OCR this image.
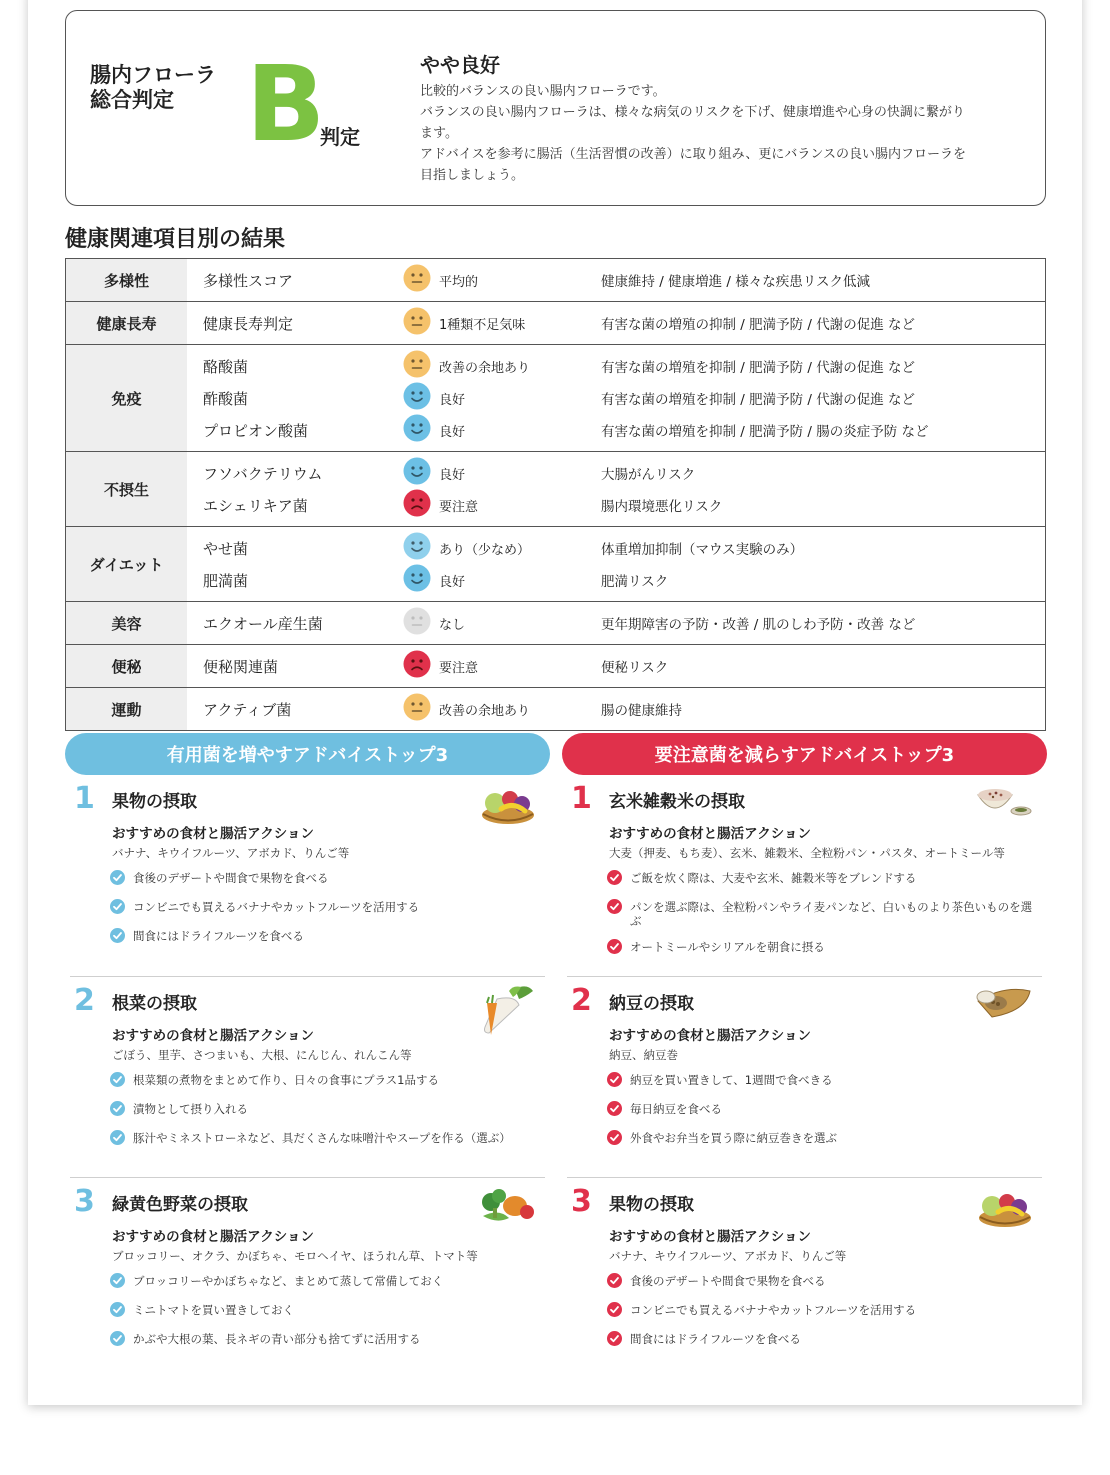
腸内フローラ
総合判定 B
判定
やや良好
比較的バランスの良い腸内フローラです。
バランスの良い腸内フローラは、様々な病気のリスクを下げ、健康増進や心身の快調に繋がり
ます。
アドバイスを参考に腸活（生活習慣の改善）に取り組み、更にバランスの良い腸内フローラを
目指しましょう。
健康関連項目別の結果
多様性	多様性スコア	平均的	健康維持 / 健康増進 / 様々な疾患リスク低減
健康長寿	健康長寿判定	1種類不足気味	有害な菌の増殖の抑制 / 肥満予防 / 代謝の促進 など
免疫
酪酸菌	改善の余地あり	有害な菌の増殖を抑制 / 肥満予防 / 代謝の促進 など
酢酸菌	良好	有害な菌の増殖を抑制 / 肥満予防 / 代謝の促進 など
プロピオン酸菌	良好	有害な菌の増殖を抑制 / 肥満予防 / 腸の炎症予防 など
不摂生
フソバクテリウム	良好	大腸がんリスク
エシェリキア菌	要注意	腸内環境悪化リスク
ダイエット
やせ菌	あり（少なめ）	体重増加抑制（マウス実験のみ）
肥満菌	良好	肥満リスク
美容	エクオール産生菌	なし	更年期障害の予防・改善 / 肌のしわ予防・改善 など
便秘	便秘関連菌	要注意	便秘リスク
運動	アクティブ菌	改善の余地あり	腸の健康維持
有用菌を増やすアドバイストップ3	要注意菌を減らすアドバイストップ3
1 果物の摂取
おすすめの食材と腸活アクション
バナナ、キウイフルーツ、アボカド、りんご等
食後のデザートや間食で果物を食べる
コンビニでも買えるバナナやカットフルーツを活用する
間食にはドライフルーツを食べる
2 根菜の摂取
おすすめの食材と腸活アクション
ごぼう、里芋、さつまいも、大根、にんじん、れんこん等
根菜類の煮物をまとめて作り、日々の食事にプラス1品する
漬物として摂り入れる
豚汁やミネストローネなど、具だくさんな味噌汁やスープを作る（選ぶ）
3 緑黄色野菜の摂取
おすすめの食材と腸活アクション
ブロッコリー、オクラ、かぼちゃ、モロヘイヤ、ほうれん草、トマト等
ブロッコリーやかぼちゃなど、まとめて蒸して常備しておく
ミニトマトを買い置きしておく
かぶや大根の葉、長ネギの青い部分も捨てずに活用する
1 玄米雑穀米の摂取
おすすめの食材と腸活アクション
大麦（押麦、もち麦）、玄米、雑穀米、全粒粉パン・パスタ、オートミール等
ご飯を炊く際は、大麦や玄米、雑穀米等をブレンドする
パンを選ぶ際は、全粒粉パンやライ麦パンなど、白いものより茶色いものを選ぶ
オートミールやシリアルを朝食に摂る
2 納豆の摂取
おすすめの食材と腸活アクション
納豆、納豆巻
納豆を買い置きして、1週間で食べきる
毎日納豆を食べる
外食やお弁当を買う際に納豆巻きを選ぶ
3 果物の摂取
おすすめの食材と腸活アクション
バナナ、キウイフルーツ、アボカド、りんご等
食後のデザートや間食で果物を食べる
コンビニでも買えるバナナやカットフルーツを活用する
間食にはドライフルーツを食べる
